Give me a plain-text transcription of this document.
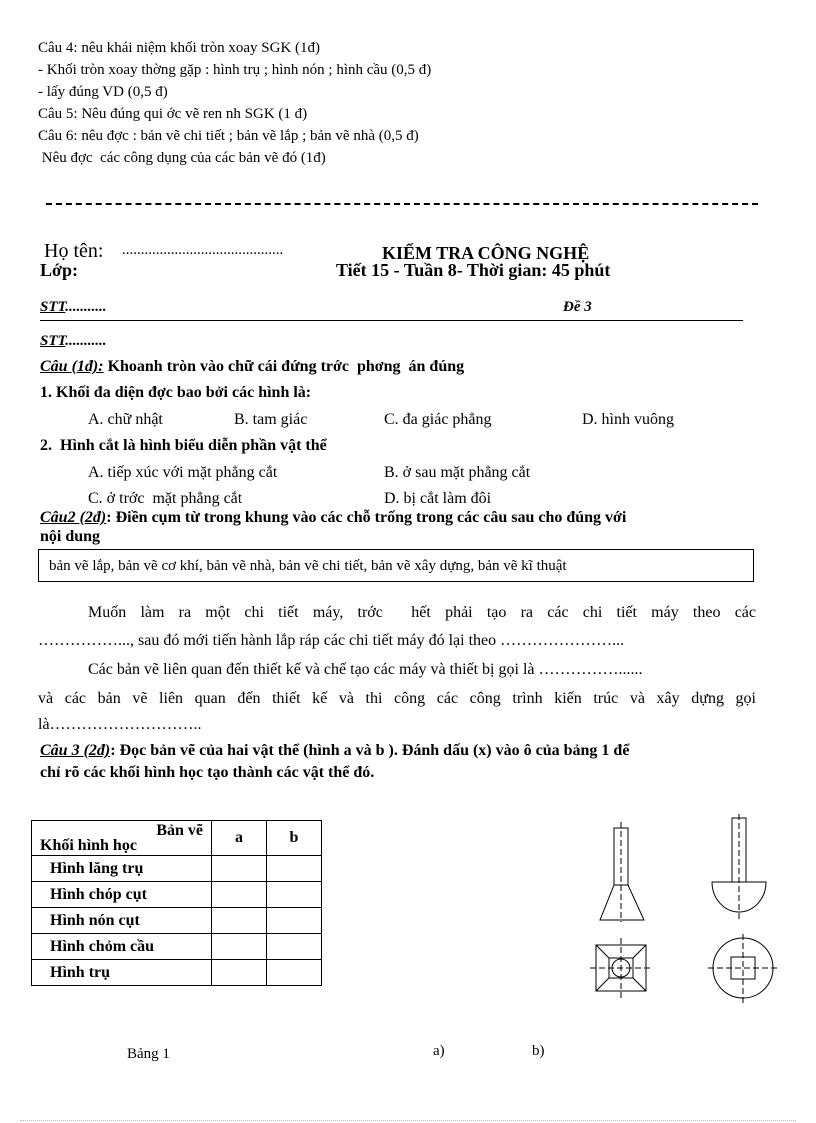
Câu 4: nêu khái niệm khối tròn xoay SGK (1đ)
- Khối tròn xoay thờng gặp : hình trụ ; hình nón ; hình cầu (0,5 đ)
- lấy đúng VD (0,5 đ)
Câu 5: Nêu đúng qui ớc vẽ ren nh SGK (1 đ)
Câu 6: nêu đợc : bản vẽ chi tiết ; bản vẽ lắp ; bản vẽ nhà (0,5 đ)
Nêu đợc  các công dụng của các bản vẽ đó (1đ)
Họ tên: ...........................................
Lớp:
KIỂM TRA CÔNG NGHỆ
Tiết 15 - Tuần 8- Thời gian: 45 phút
STT...........	Đề 3
STT...........
Câu (1đ): Khoanh tròn vào chữ cái đứng trớc  phơng  án đúng
1. Khối đa diện đợc bao bởi các hình là:
A. chữ nhật	B. tam giác	C. đa giác phẳng	D. hình vuông
2.  Hình cắt là hình biểu diễn phần vật thể
A. tiếp xúc với mặt phẳng cắt	B. ở sau mặt phẳng cắt
C. ở trớc  mặt phẳng cắt	D. bị cắt làm đôi
Câu2 (2đ): Điền cụm từ trong khung vào các chỗ trống trong các câu sau cho đúng với
nội dung
bản vẽ lắp, bản vẽ cơ khí, bản vẽ nhà, bản vẽ chi tiết, bản vẽ xây dựng, bản vẽ kĩ thuật
Muốn làm ra một chi tiết máy, trớc  hết phải tạo ra các chi tiết máy theo các
……………..., sau đó mới tiến hành lắp ráp các chi tiết máy đó lại theo …………………...
Các bản vẽ liên quan đến thiết kế và chế tạo các máy và thiết bị gọi là ……………......
và các bản vẽ liên quan đến thiết kế và thi công các công trình kiến trúc và xây dựng gọi
là………………………..
Câu 3 (2đ): Đọc bản vẽ của hai vật thể (hình a và b ). Đánh dấu (x) vào ô của bảng 1 để
chỉ rõ các khối hình học tạo thành các vật thể đó.
Bản vẽ
Khối hình học	a	b
Hình lăng trụ		
Hình chóp cụt		
Hình nón cụt		
Hình chỏm cầu		
Hình trụ		
Bảng 1	a)	b)
